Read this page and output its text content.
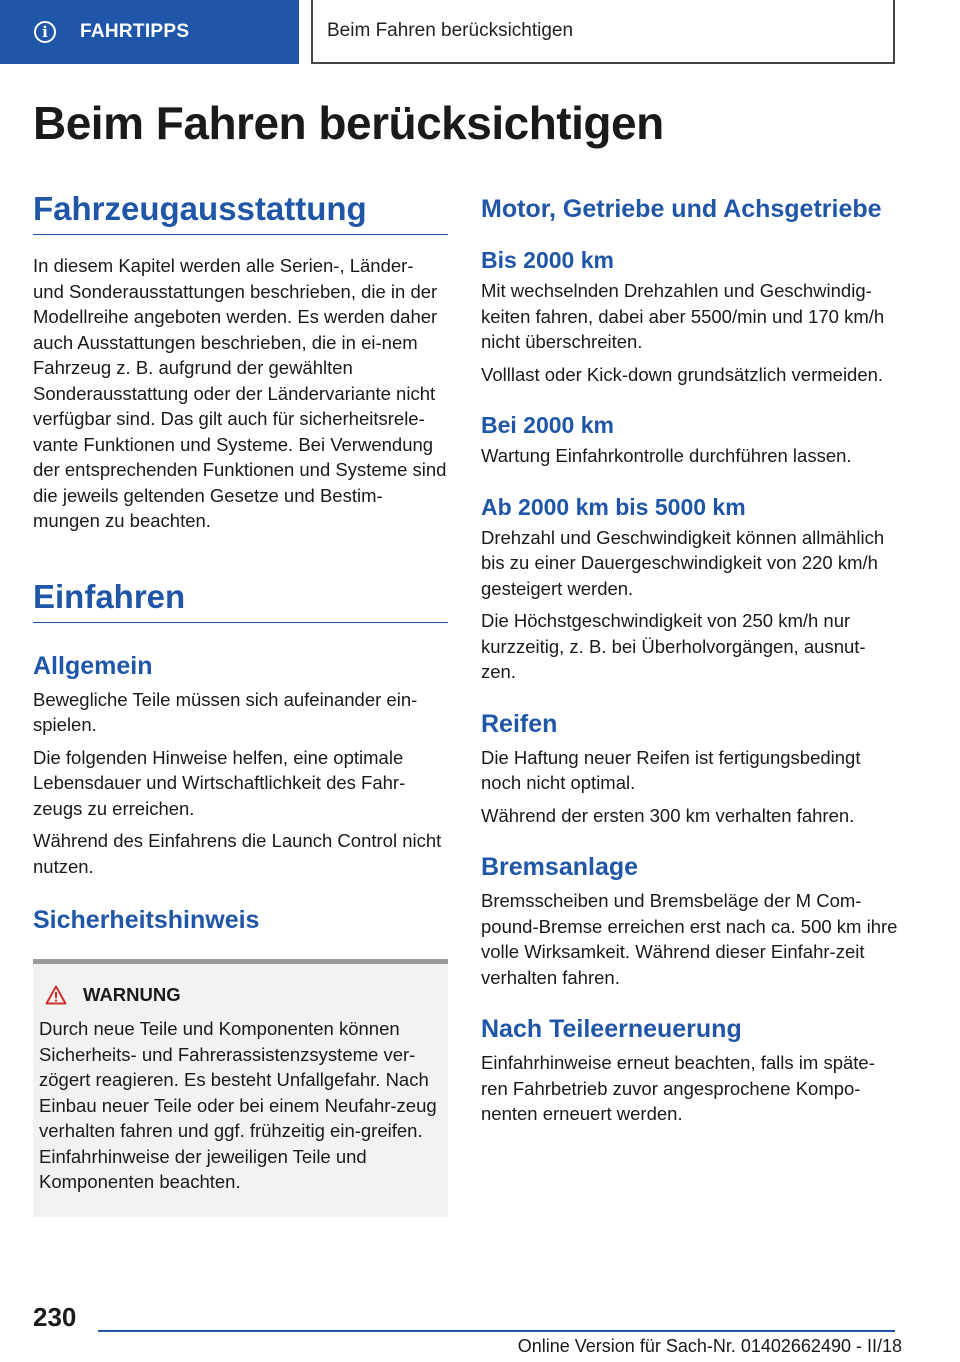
i	FAHRTIPPS	Beim Fahren berücksichtigen
Beim Fahren berücksichtigen
Fahrzeugausstattung

In diesem Kapitel werden alle Serien-, Länder- und Sonderausstattungen beschrieben, die in der Modellreihe angeboten werden. Es werden daher auch Ausstattungen beschrieben, die in ei-nem Fahrzeug z. B. aufgrund der gewählten Sonderausstattung oder der Ländervariante nicht verfügbar sind. Das gilt auch für sicherheitsrele-vante Funktionen und Systeme. Bei Verwendung der entsprechenden Funktionen und Systeme sind die jeweils geltenden Gesetze und Bestim-mungen zu beachten.

Einfahren
Allgemein

Bewegliche Teile müssen sich aufeinander ein-spielen.

Die folgenden Hinweise helfen, eine optimale Lebensdauer und Wirtschaftlichkeit des Fahr-zeugs zu erreichen.

Während des Einfahrens die Launch Control nicht nutzen.

Sicherheitshinweis
WARNUNG

Durch neue Teile und Komponenten können Sicherheits- und Fahrerassistenzsysteme ver-zögert reagieren. Es besteht Unfallgefahr. Nach Einbau neuer Teile oder bei einem Neufahr-zeug verhalten fahren und ggf. frühzeitig ein-greifen. Einfahrhinweise der jeweiligen Teile und Komponenten beachten.

Motor, Getriebe und Achsgetriebe
Bis 2000 km

Mit wechselnden Drehzahlen und Geschwindig-keiten fahren, dabei aber 5500/min und 170 km/h nicht überschreiten.

Volllast oder Kick-down grundsätzlich vermeiden.

Bei 2000 km

Wartung Einfahrkontrolle durchführen lassen.

Ab 2000 km bis 5000 km

Drehzahl und Geschwindigkeit können allmählich bis zu einer Dauergeschwindigkeit von 220 km/h gesteigert werden.

Die Höchstgeschwindigkeit von 250 km/h nur kurzzeitig, z. B. bei Überholvorgängen, ausnut-zen.

Reifen

Die Haftung neuer Reifen ist fertigungsbedingt noch nicht optimal.

Während der ersten 300 km verhalten fahren.

Bremsanlage

Bremsscheiben und Bremsbeläge der M Com-pound-Bremse erreichen erst nach ca. 500 km ihre volle Wirksamkeit. Während dieser Einfahr-zeit verhalten fahren.

Nach Teileerneuerung

Einfahrhinweise erneut beachten, falls im späte-ren Fahrbetrieb zuvor angesprochene Kompo-nenten erneuert werden.

230
Online Version für Sach-Nr. 01402662490 - II/18
